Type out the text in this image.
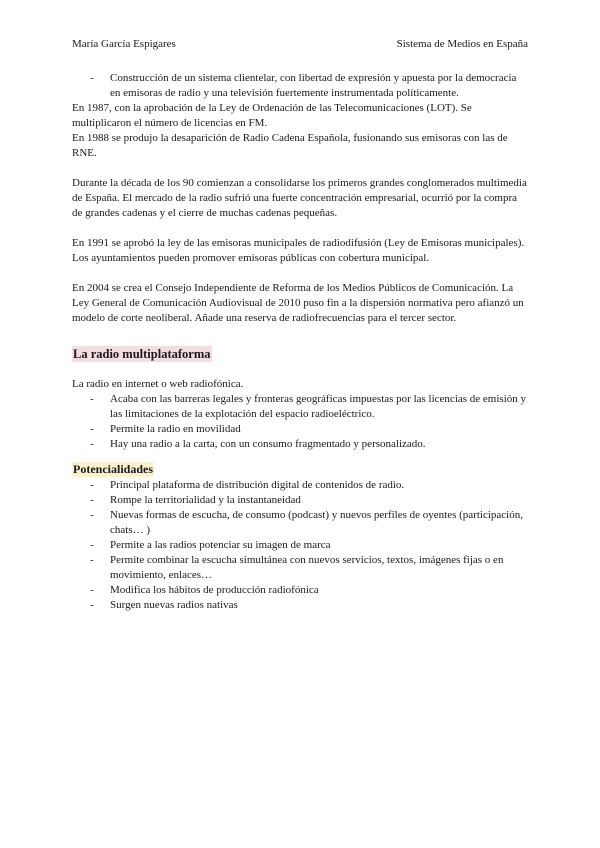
María García Espigares	Sistema de Medios en España
- Construcción de un sistema clientelar, con libertad de expresión y apuesta por la democracia en emisoras de radio y una televisión fuertemente instrumentada políticamente.

En 1987, con la aprobación de la Ley de Ordenación de las Telecomunicaciones (LOT). Se multiplicaron el número de licencias en FM.

En 1988 se produjo la desaparición de Radio Cadena Española, fusionando sus emisoras con las de RNE.

Durante la década de los 90 comienzan a consolidarse los primeros grandes conglomerados multimedia de España. El mercado de la radio sufrió una fuerte concentración empresarial, ocurrió por la compra de grandes cadenas y el cierre de muchas cadenas pequeñas.

En 1991 se aprobó la ley de las emisoras municipales de radiodifusión (Ley de Emisoras municipales). Los ayuntamientos pueden promover emisoras públicas con cobertura municipal.

En 2004 se crea el Consejo Independiente de Reforma de los Medios Públicos de Comunicación. La Ley General de Comunicación Audiovisual de 2010 puso fin a la dispersión normativa pero afianzó un modelo de corte neoliberal. Añade una reserva de radiofrecuencias para el tercer sector.

La radio multiplataforma

La radio en internet o web radiofónica.

- Acaba con las barreras legales y fronteras geográficas impuestas por las licencias de emisión y las limitaciones de la explotación del espacio radioeléctrico.
- Permite la radio en movilidad
- Hay una radio a la carta, con un consumo fragmentado y personalizado.
Potencialidades
- Principal plataforma de distribución digital de contenidos de radio.
- Rompe la territorialidad y la instantaneidad
- Nuevas formas de escucha, de consumo (podcast) y nuevos perfiles de oyentes (participación, chats… )
- Permite a las radios potenciar su imagen de marca
- Permite combinar la escucha simultánea con nuevos servicios, textos, imágenes fijas o en movimiento, enlaces…
- Modifica los hábitos de producción radiofónica
- Surgen nuevas radios nativas
